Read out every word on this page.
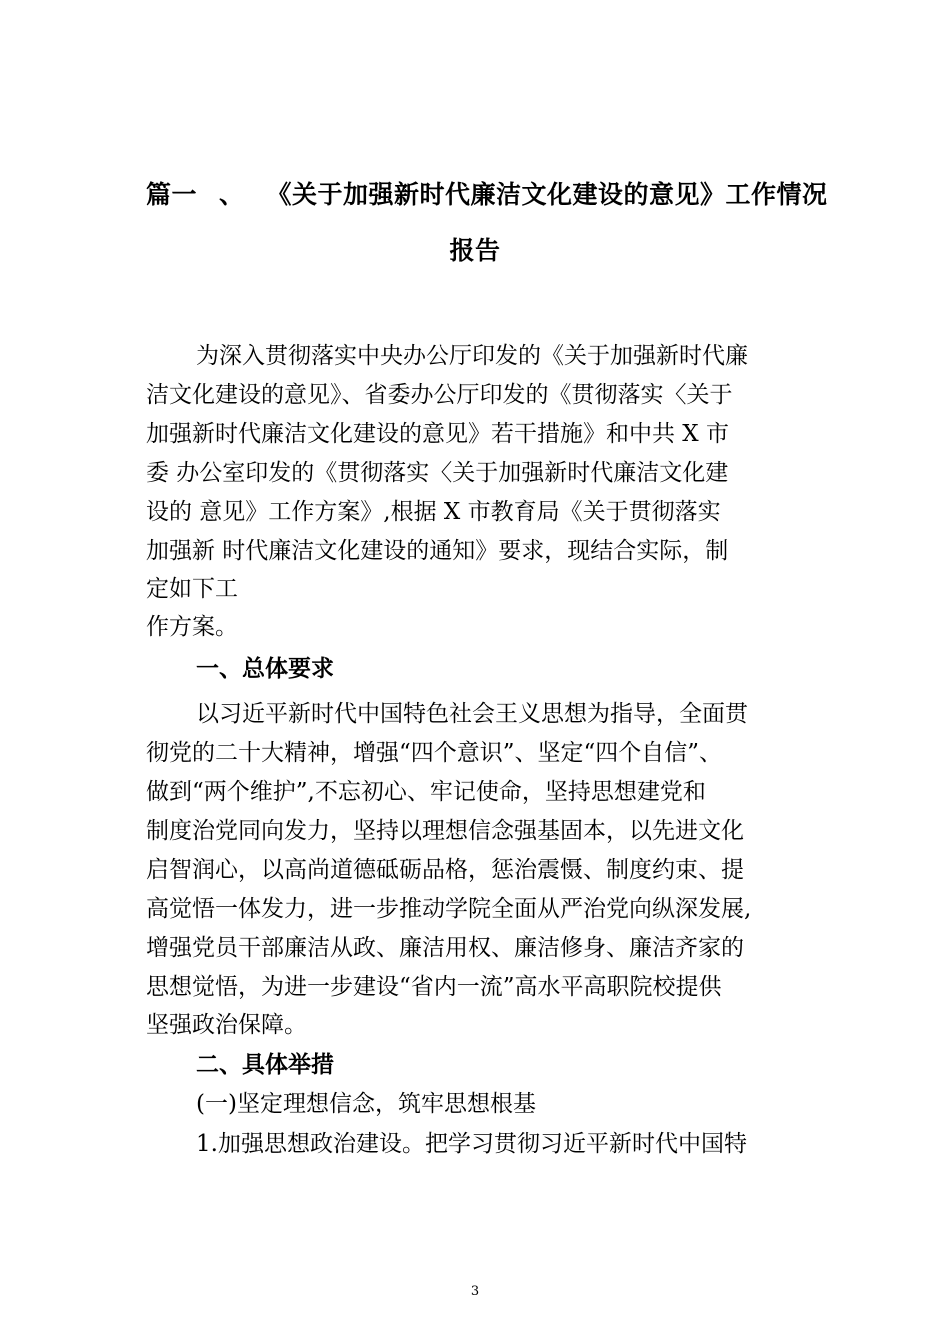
篇一 、 《关于加强新时代廉洁文化建设的意见》工作情况
报告
为深入贯彻落实中央办公厅印发的《关于加强新时代廉
洁文化建设的意见》、省委办公厅印发的《贯彻落实〈关于
加强新时代廉洁文化建设的意见》若干措施》和中共 X 市
委 办公室印发的《贯彻落实〈关于加强新时代廉洁文化建
设的 意见》工作方案》,根据 X 市教育局《关于贯彻落实
加强新 时代廉洁文化建设的通知》要求，现结合实际，制
定如下工
作方案。
一、总体要求
以习近平新时代中国特色社会王义思想为指导，全面贯
彻党的二十大精神，增强“四个意识”、坚定“四个自信”、
做到“两个维护”,不忘初心、牢记使命，坚持思想建党和
制度治党同向发力，坚持以理想信念强基固本，以先进文化
启智润心，以高尚道德砥砺品格，惩治震慑、制度约束、提
高觉悟一体发力，进一步推动学院全面从严治党向纵深发展,
增强党员干部廉洁从政、廉洁用权、廉洁修身、廉洁齐家的
思想觉悟，为进一步建设“省内一流”高水平高职院校提供
坚强政治保障。
二、具体举措
(一)坚定理想信念，筑牢思想根基
1.加强思想政治建设。把学习贯彻习近平新时代中国特
3
